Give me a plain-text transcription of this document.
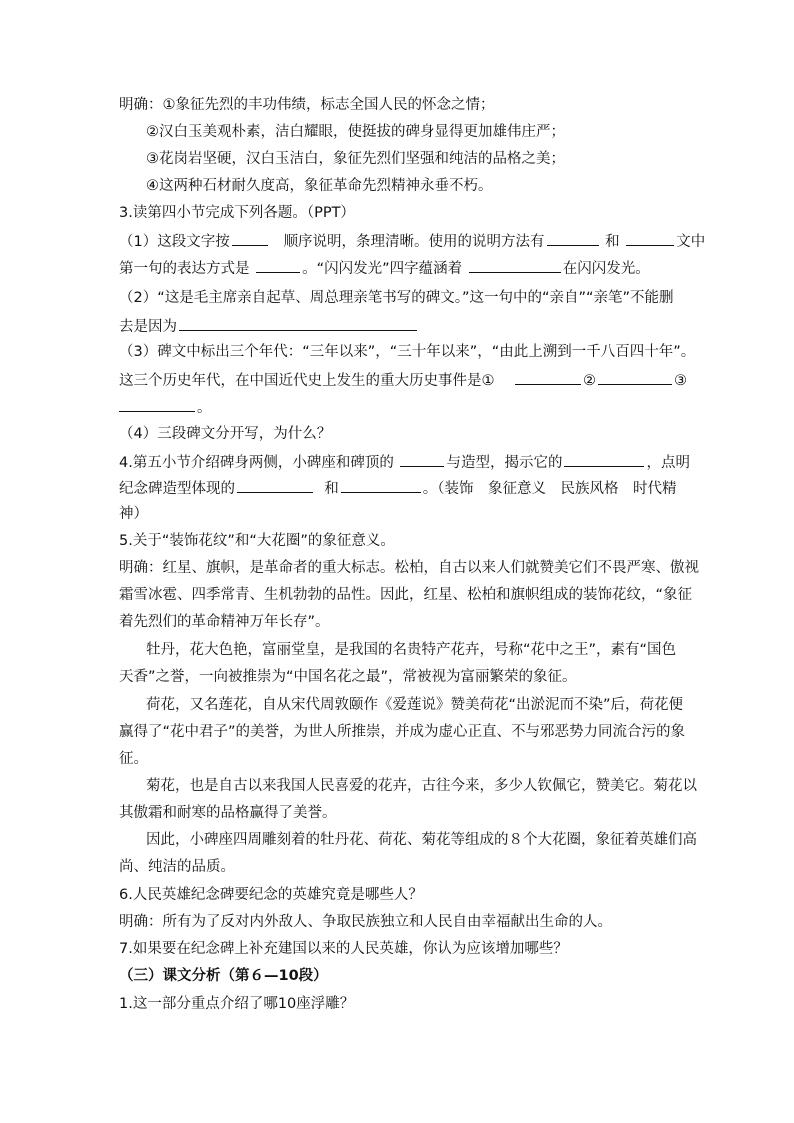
明确：①象征先烈的丰功伟绩，标志全国人民的怀念之情；
②汉白玉美观朴素，洁白耀眼，使挺拔的碑身显得更加雄伟庄严；
③花岗岩坚硬，汉白玉洁白，象征先烈们坚强和纯洁的品格之美；
④这两种石材耐久度高，象征革命先烈精神永垂不朽。
3.读第四小节完成下列各题。（PPT）
（1）这段文字按	顺序说明，条理清晰。使用的说明方法有	和	文中
第一句的表达方式是	。“闪闪发光”四字蕴涵着	在闪闪发光。
（2）“这是毛主席亲自起草、周总理亲笔书写的碑文。”这一句中的“亲自”“亲笔”不能删
去是因为
（3）碑文中标出三个年代：“三年以来”，“三十年以来”，“由此上溯到一千八百四十年”。
这三个历史年代，在中国近代史上发生的重大历史事件是①	②	③
。
（4）三段碑文分开写，为什么？
4.第五小节介绍碑身两侧，小碑座和碑顶的	与造型，揭示它的	，点明
纪念碑造型体现的	和	。（装饰　象征意义　民族风格　时代精
神）
5.关于“装饰花纹”和“大花圈”的象征意义。
明确：红星、旗帜，是革命者的重大标志。松柏，自古以来人们就赞美它们不畏严寒、傲视
霜雪冰雹、四季常青、生机勃勃的品性。因此，红星、松柏和旗帜组成的装饰花纹，“象征
着先烈们的革命精神万年长存”。
牡丹，花大色艳，富丽堂皇，是我国的名贵特产花卉，号称“花中之王”，素有“国色
天香”之誉，一向被推崇为“中国名花之最”，常被视为富丽繁荣的象征。
荷花，又名莲花，自从宋代周敦颐作《爱莲说》赞美荷花“出淤泥而不染”后，荷花便
赢得了“花中君子”的美誉，为世人所推崇，并成为虚心正直、不与邪恶势力同流合污的象
征。
菊花，也是自古以来我国人民喜爱的花卉，古往今来，多少人钦佩它，赞美它。菊花以
其傲霜和耐寒的品格赢得了美誉。
因此，小碑座四周雕刻着的牡丹花、荷花、菊花等组成的８个大花圈，象征着英雄们高
尚、纯洁的品质。
6.人民英雄纪念碑要纪念的英雄究竟是哪些人？
明确：所有为了反对内外敌人、争取民族独立和人民自由幸福献出生命的人。
7.如果要在纪念碑上补充建国以来的人民英雄，你认为应该增加哪些？
（三）课文分析（第６—10段）
1.这一部分重点介绍了哪10座浮雕？
